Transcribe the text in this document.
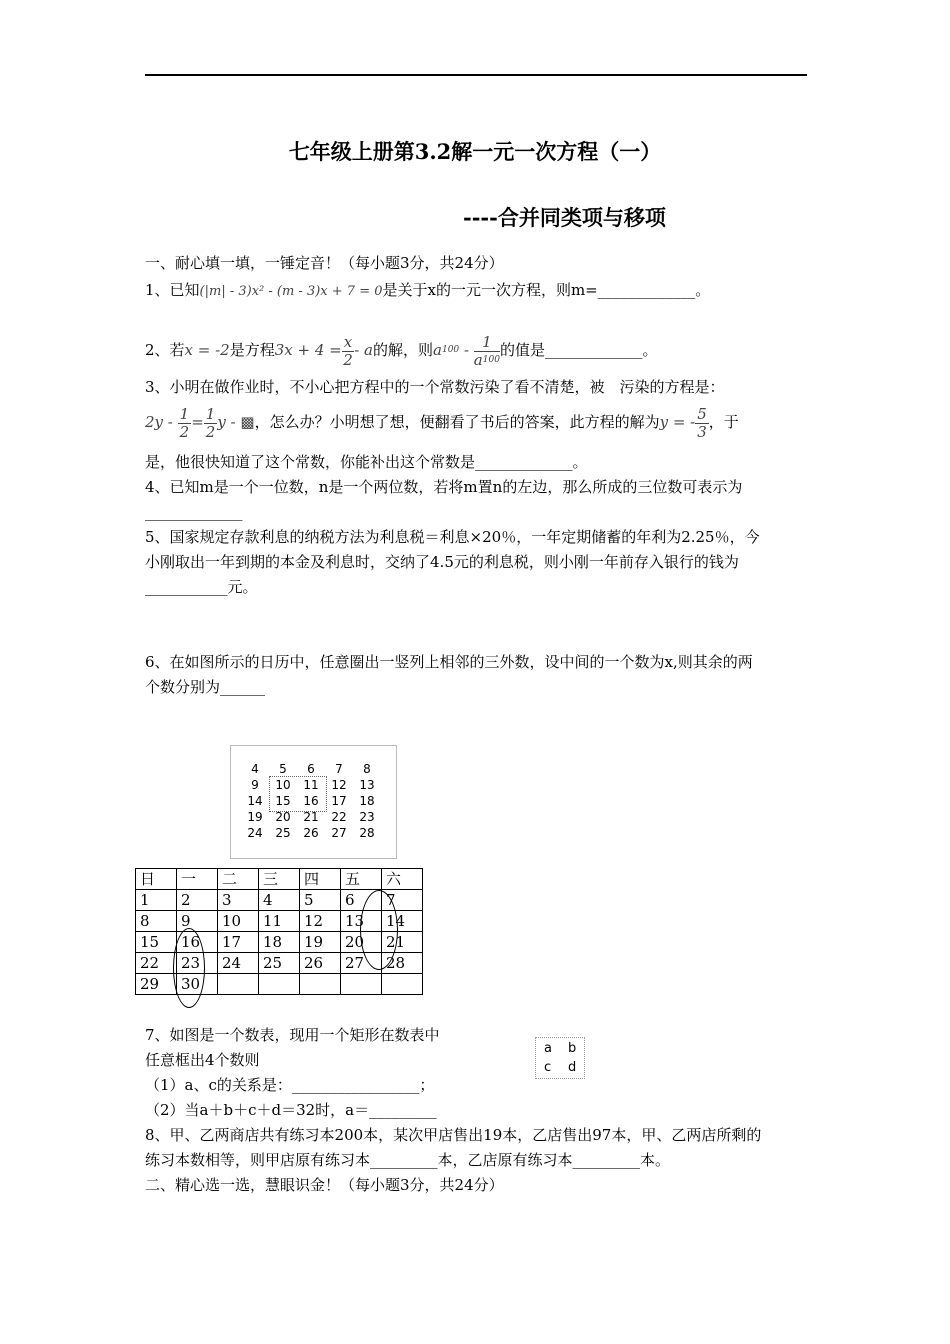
七年级上册第3.2解一元一次方程（一）
----合并同类项与移项
一、耐心填一填，一锤定音！（每小题3分，共24分）
1、已知(|m| - 3)x² - (m - 3)x + 7 = 0是关于x的一元一次方程，则m=_____________。
2、若x = -2是方程$3x + 4 = \frac{x}{2} - a$的解，则$a^{100} - \frac{1}{a^{100}}$ 的值是_____________。
3、小明在做作业时，不小心把方程中的一个常数污染了看不清楚，被　污染的方程是：
$2y - \frac{1}{2} = \frac{1}{2}$ y - ▩，怎么办？小明想了想，便翻看了书后的答案，此方程的解为y = - $\frac{5}{3}$ ，于
是，他很快知道了这个常数，你能补出这个常数是_____________。
4、已知m是一个一位数，n是一个两位数，若将m置n的左边，那么所成的三位数可表示为
_____________
5、国家规定存款利息的纳税方法为利息税＝利息×20％，一年定期储蓄的年利为2.25％，今
小刚取出一年到期的本金及利息时，交纳了4.5元的利息税，则小刚一年前存入银行的钱为
___________元。
6、在如图所示的日历中，任意圈出一竖列上相邻的三外数，设中间的一个数为x,则其余的两
个数分别为______
4	5	6	7	8
9	10	11	12	13
14	15	16	17	18
19	20	21	22	23
24	25	26	27	28
日	一	二	三	四	五	六
1	2	3	4	5	6	7
8	9	10	11	12	13	14
15	16	17	18	19	20	21
22	23	24	25	26	27	28
29	30					
7、如图是一个数表，现用一个矩形在数表中
任意框出4个数则
（1）a、c的关系是：_________________；
（2）当a＋b＋c＋d＝32时，a＝_________
a b
c d
8、甲、乙两商店共有练习本200本，某次甲店售出19本，乙店售出97本，甲、乙两店所剩的
练习本数相等，则甲店原有练习本_________本，乙店原有练习本_________本。
二、精心选一选，慧眼识金！（每小题3分，共24分）
